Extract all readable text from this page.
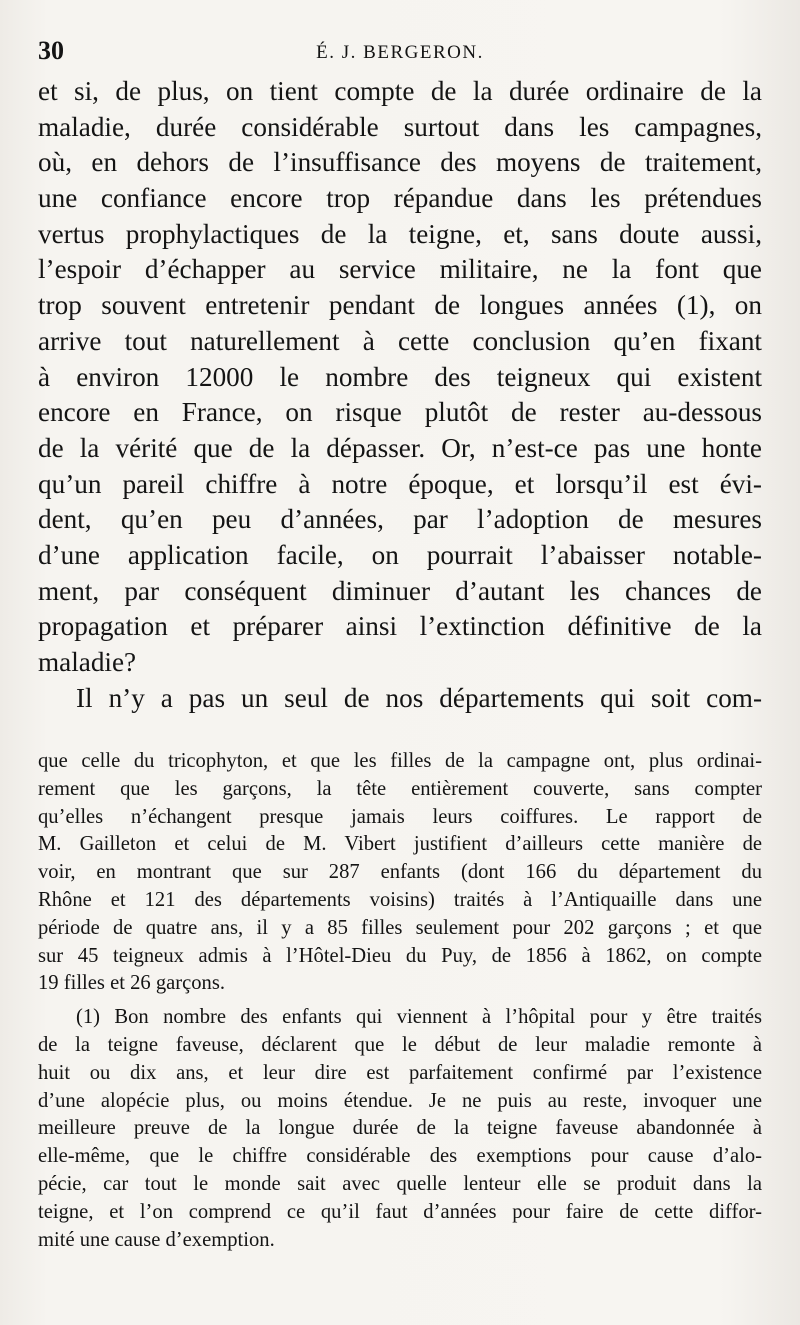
30	É. J. BERGERON.
et si, de plus, on tient compte de la durée ordinaire de la
maladie, durée considérable surtout dans les campagnes,
où, en dehors de l’insuffisance des moyens de traitement,
une confiance encore trop répandue dans les prétendues
vertus prophylactiques de la teigne, et, sans doute aussi,
l’espoir d’échapper au service militaire, ne la font que
trop souvent entretenir pendant de longues années (1), on
arrive tout naturellement à cette conclusion qu’en fixant
à environ 12000 le nombre des teigneux qui existent
encore en France, on risque plutôt de rester au-dessous
de la vérité que de la dépasser. Or, n’est-ce pas une honte
qu’un pareil chiffre à notre époque, et lorsqu’il est évi-
dent, qu’en peu d’années, par l’adoption de mesures
d’une application facile, on pourrait l’abaisser notable-
ment, par conséquent diminuer d’autant les chances de
propagation et préparer ainsi l’extinction définitive de la
maladie?
Il n’y a pas un seul de nos départements qui soit com-
que celle du tricophyton, et que les filles de la campagne ont, plus ordinai-
rement que les garçons, la tête entièrement couverte, sans compter
qu’elles n’échangent presque jamais leurs coiffures. Le rapport de
M. Gailleton et celui de M. Vibert justifient d’ailleurs cette manière de
voir, en montrant que sur 287 enfants (dont 166 du département du
Rhône et 121 des départements voisins) traités à l’Antiquaille dans une
période de quatre ans, il y a 85 filles seulement pour 202 garçons ; et que
sur 45 teigneux admis à l’Hôtel-Dieu du Puy, de 1856 à 1862, on compte
19 filles et 26 garçons.
(1) Bon nombre des enfants qui viennent à l’hôpital pour y être traités
de la teigne faveuse, déclarent que le début de leur maladie remonte à
huit ou dix ans, et leur dire est parfaitement confirmé par l’existence
d’une alopécie plus, ou moins étendue. Je ne puis au reste, invoquer une
meilleure preuve de la longue durée de la teigne faveuse abandonnée à
elle-même, que le chiffre considérable des exemptions pour cause d’alo-
pécie, car tout le monde sait avec quelle lenteur elle se produit dans la
teigne, et l’on comprend ce qu’il faut d’années pour faire de cette diffor-
mité une cause d’exemption.
